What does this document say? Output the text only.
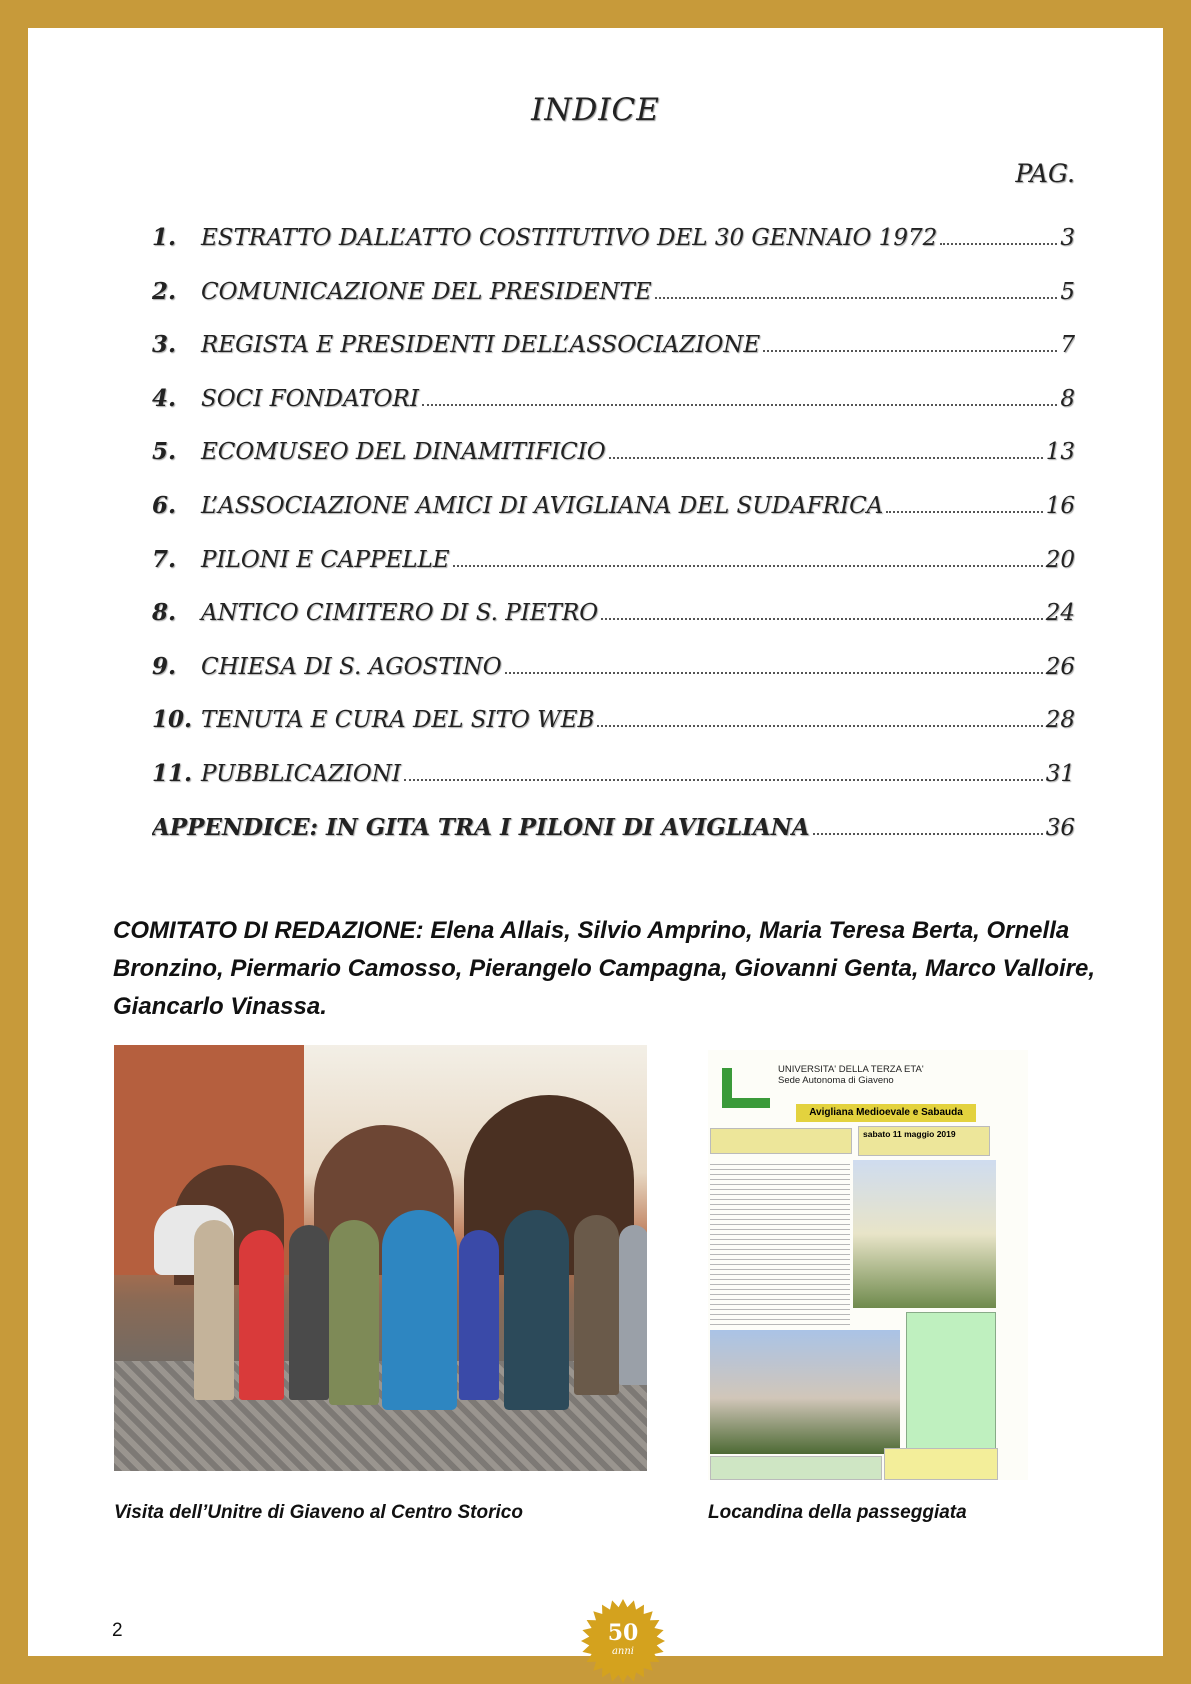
INDICE
PAG.
1.	ESTRATTO DALL’ATTO COSTITUTIVO DEL 30 GENNAIO 1972	3
2.	COMUNICAZIONE DEL PRESIDENTE	5
3.	REGISTA E PRESIDENTI DELL’ASSOCIAZIONE	7
4.	SOCI FONDATORI	8
5.	ECOMUSEO DEL DINAMITIFICIO	13
6.	L’ASSOCIAZIONE AMICI DI AVIGLIANA DEL SUDAFRICA	16
7.	PILONI E CAPPELLE	20
8.	ANTICO CIMITERO DI S. PIETRO	24
9.	CHIESA DI S. AGOSTINO	26
10. TENUTA E CURA DEL SITO WEB	28
11. PUBBLICAZIONI	31
APPENDICE: IN GITA TRA I PILONI DI AVIGLIANA	36
COMITATO DI REDAZIONE: Elena Allais, Silvio Amprino, Maria Teresa Berta, Ornella Bronzino, Piermario Camosso, Pierangelo Campagna, Giovanni Genta, Marco Valloire, Giancarlo Vinassa.
UNIVERSITA' DELLA TERZA ETA'
Sede Autonoma di Giaveno
Avigliana Medioevale e Sabauda
sabato 11 maggio 2019
Visita dell’Unitre di Giaveno al Centro Storico	Locandina della passeggiata
2	50
anni
